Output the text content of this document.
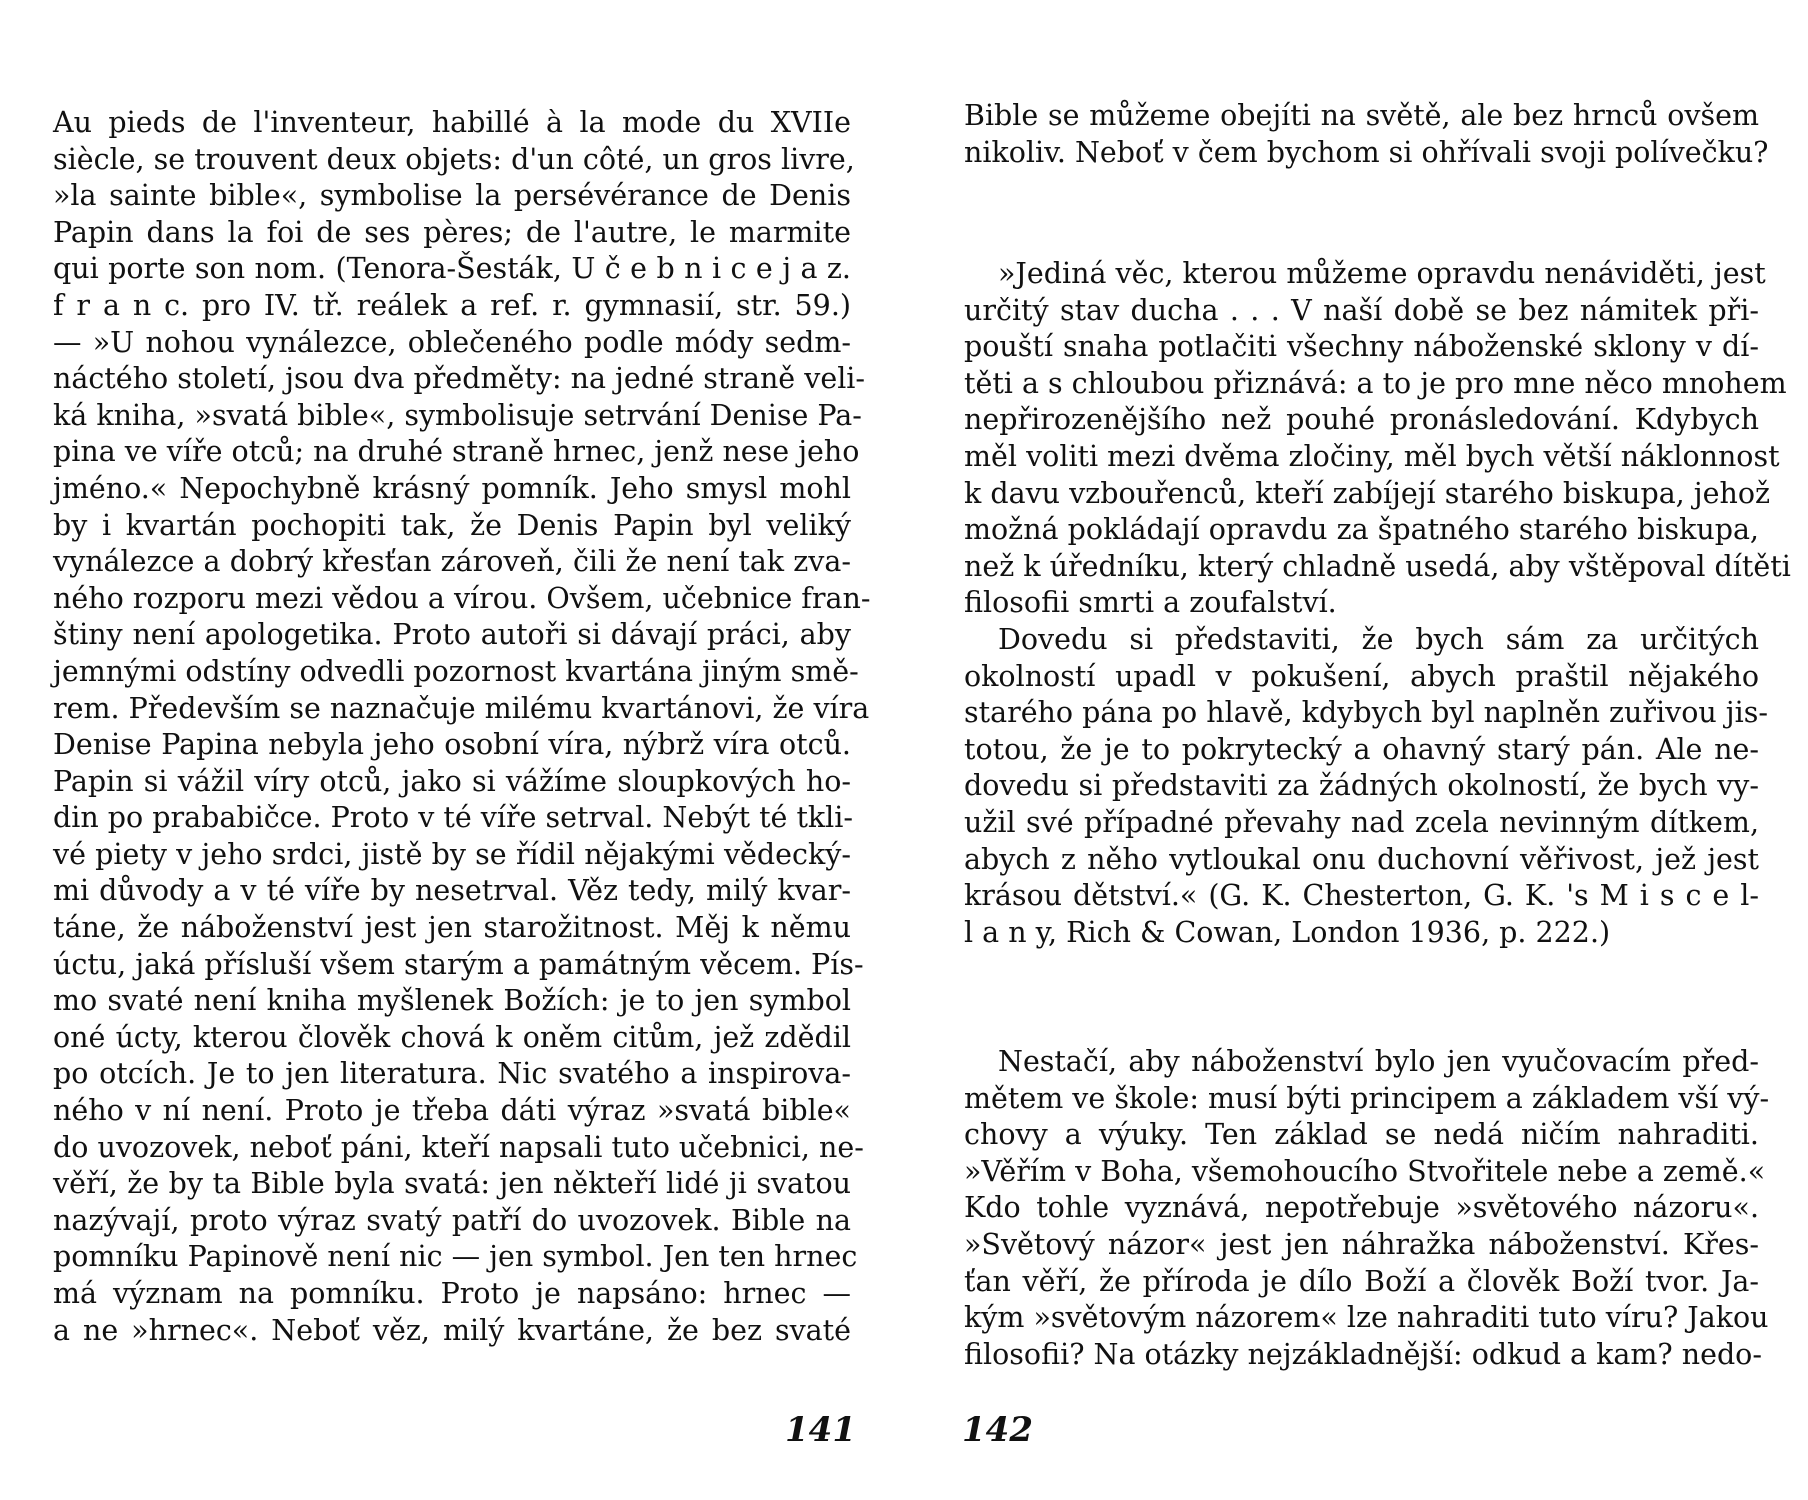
Au pieds de l'inventeur, habillé à la mode du XVIIe
siècle, se trouvent deux objets: d'un côté, un gros livre,
»la sainte bible«, symbolise la persévérance de Denis
Papin dans la foi de ses pères; de l'autre, le marmite
qui porte son nom. (Tenora-Šesták, U č e b n i c e j a z.
f r a n c. pro IV. tř. reálek a ref. r. gymnasií, str. 59.)
— »U nohou vynálezce, oblečeného podle módy sedm-
náctého století, jsou dva předměty: na jedné straně veli-
ká kniha, »svatá bible«, symbolisuje setrvání Denise Pa-
pina ve víře otců; na druhé straně hrnec, jenž nese jeho
jméno.« Nepochybně krásný pomník. Jeho smysl mohl
by i kvartán pochopiti tak, že Denis Papin byl veliký
vynálezce a dobrý křesťan zároveň, čili že není tak zva-
ného rozporu mezi vědou a vírou. Ovšem, učebnice fran-
štiny není apologetika. Proto autoři si dávají práci, aby
jemnými odstíny odvedli pozornost kvartána jiným smě-
rem. Především se naznačuje milému kvartánovi, že víra
Denise Papina nebyla jeho osobní víra, nýbrž víra otců.
Papin si vážil víry otců, jako si vážíme sloupkových ho-
din po prababičce. Proto v té víře setrval. Nebýt té tkli-
vé piety v jeho srdci, jistě by se řídil nějakými vědecký-
mi důvody a v té víře by nesetrval. Věz tedy, milý kvar-
táne, že náboženství jest jen starožitnost. Měj k němu
úctu, jaká přísluší všem starým a památným věcem. Pís-
mo svaté není kniha myšlenek Božích: je to jen symbol
oné úcty, kterou člověk chová k oněm citům, jež zdědil
po otcích. Je to jen literatura. Nic svatého a inspirova-
ného v ní není. Proto je třeba dáti výraz »svatá bible«
do uvozovek, neboť páni, kteří napsali tuto učebnici, ne-
věří, že by ta Bible byla svatá: jen někteří lidé ji svatou
nazývají, proto výraz svatý patří do uvozovek. Bible na
pomníku Papinově není nic — jen symbol. Jen ten hrnec
má význam na pomníku. Proto je napsáno: hrnec —
a ne »hrnec«. Neboť věz, milý kvartáne, že bez svaté
141
Bible se můžeme obejíti na světě, ale bez hrnců ovšem
nikoliv. Neboť v čem bychom si ohřívali svoji polívečku?
»Jediná věc, kterou můžeme opravdu nenáviděti, jest
určitý stav ducha . . . V naší době se bez námitek při-
pouští snaha potlačiti všechny náboženské sklony v dí-
těti a s chloubou přiznává: a to je pro mne něco mnohem
nepřirozenějšího než pouhé pronásledování. Kdybych
měl voliti mezi dvěma zločiny, měl bych větší náklonnost
k davu vzbouřenců, kteří zabíjejí starého biskupa, jehož
možná pokládají opravdu za špatného starého biskupa,
než k úředníku, který chladně usedá, aby vštěpoval dítěti
filosofii smrti a zoufalství.
Dovedu si představiti, že bych sám za určitých
okolností upadl v pokušení, abych praštil nějakého
starého pána po hlavě, kdybych byl naplněn zuřivou jis-
totou, že je to pokrytecký a ohavný starý pán. Ale ne-
dovedu si představiti za žádných okolností, že bych vy-
užil své případné převahy nad zcela nevinným dítkem,
abych z něho vytloukal onu duchovní věřivost, jež jest
krásou dětství.« (G. K. Chesterton, G. K. 's M i s c e l-
l a n y, Rich & Cowan, London 1936, p. 222.)
Nestačí, aby náboženství bylo jen vyučovacím před-
mětem ve škole: musí býti principem a základem vší vý-
chovy a výuky. Ten základ se nedá ničím nahraditi.
»Věřím v Boha, všemohoucího Stvořitele nebe a země.«
Kdo tohle vyznává, nepotřebuje »světového názoru«.
»Světový názor« jest jen náhražka náboženství. Křes-
ťan věří, že příroda je dílo Boží a člověk Boží tvor. Ja-
kým »světovým názorem« lze nahraditi tuto víru? Jakou
filosofii? Na otázky nejzákladnější: odkud a kam? nedo-
142
